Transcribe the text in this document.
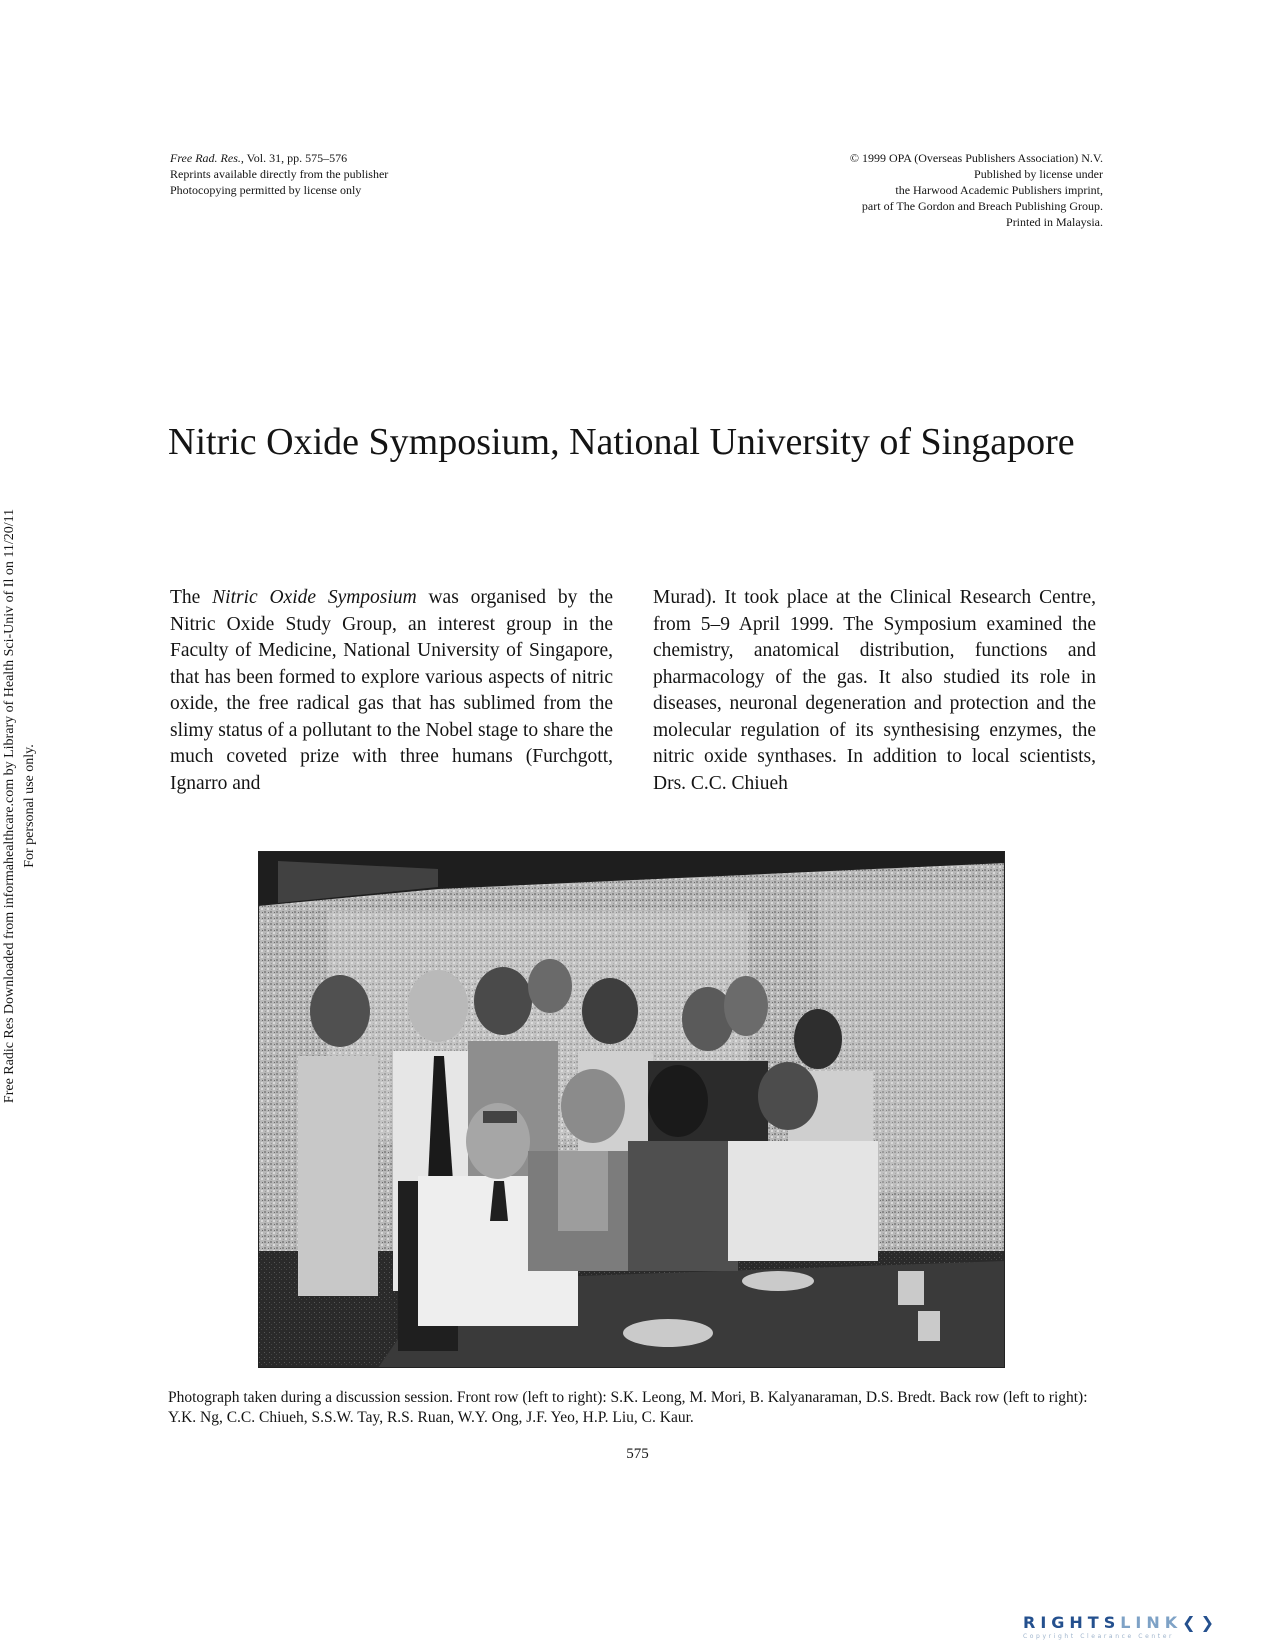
Free Rad. Res., Vol. 31, pp. 575–576
Reprints available directly from the publisher
Photocopying permitted by license only
© 1999 OPA (Overseas Publishers Association) N.V.
Published by license under
the Harwood Academic Publishers imprint,
part of The Gordon and Breach Publishing Group.
Printed in Malaysia.
Free Radic Res Downloaded from informahealthcare.com by Library of Health Sci-Univ of Il on 11/20/11 For personal use only.
Nitric Oxide Symposium, National University of Singapore
The Nitric Oxide Symposium was organised by the Nitric Oxide Study Group, an interest group in the Faculty of Medicine, National University of Singapore, that has been formed to explore various aspects of nitric oxide, the free radical gas that has sublimed from the slimy status of a pollutant to the Nobel stage to share the much coveted prize with three humans (Furchgott, Ignarro and
Murad). It took place at the Clinical Research Centre, from 5–9 April 1999. The Symposium examined the chemistry, anatomical distribution, functions and pharmacology of the gas. It also studied its role in diseases, neuronal degeneration and protection and the molecular regulation of its synthesising enzymes, the nitric oxide synthases. In addition to local scientists, Drs. C.C. Chiueh
Photograph taken during a discussion session. Front row (left to right): S.K. Leong, M. Mori, B. Kalyanaraman, D.S. Bredt. Back row (left to right): Y.K. Ng, C.C. Chiueh, S.S.W. Tay, R.S. Ruan, W.Y. Ong, J.F. Yeo, H.P. Liu, C. Kaur.
575
RIGHTSLINK❮❯
Copyright Clearance Center
